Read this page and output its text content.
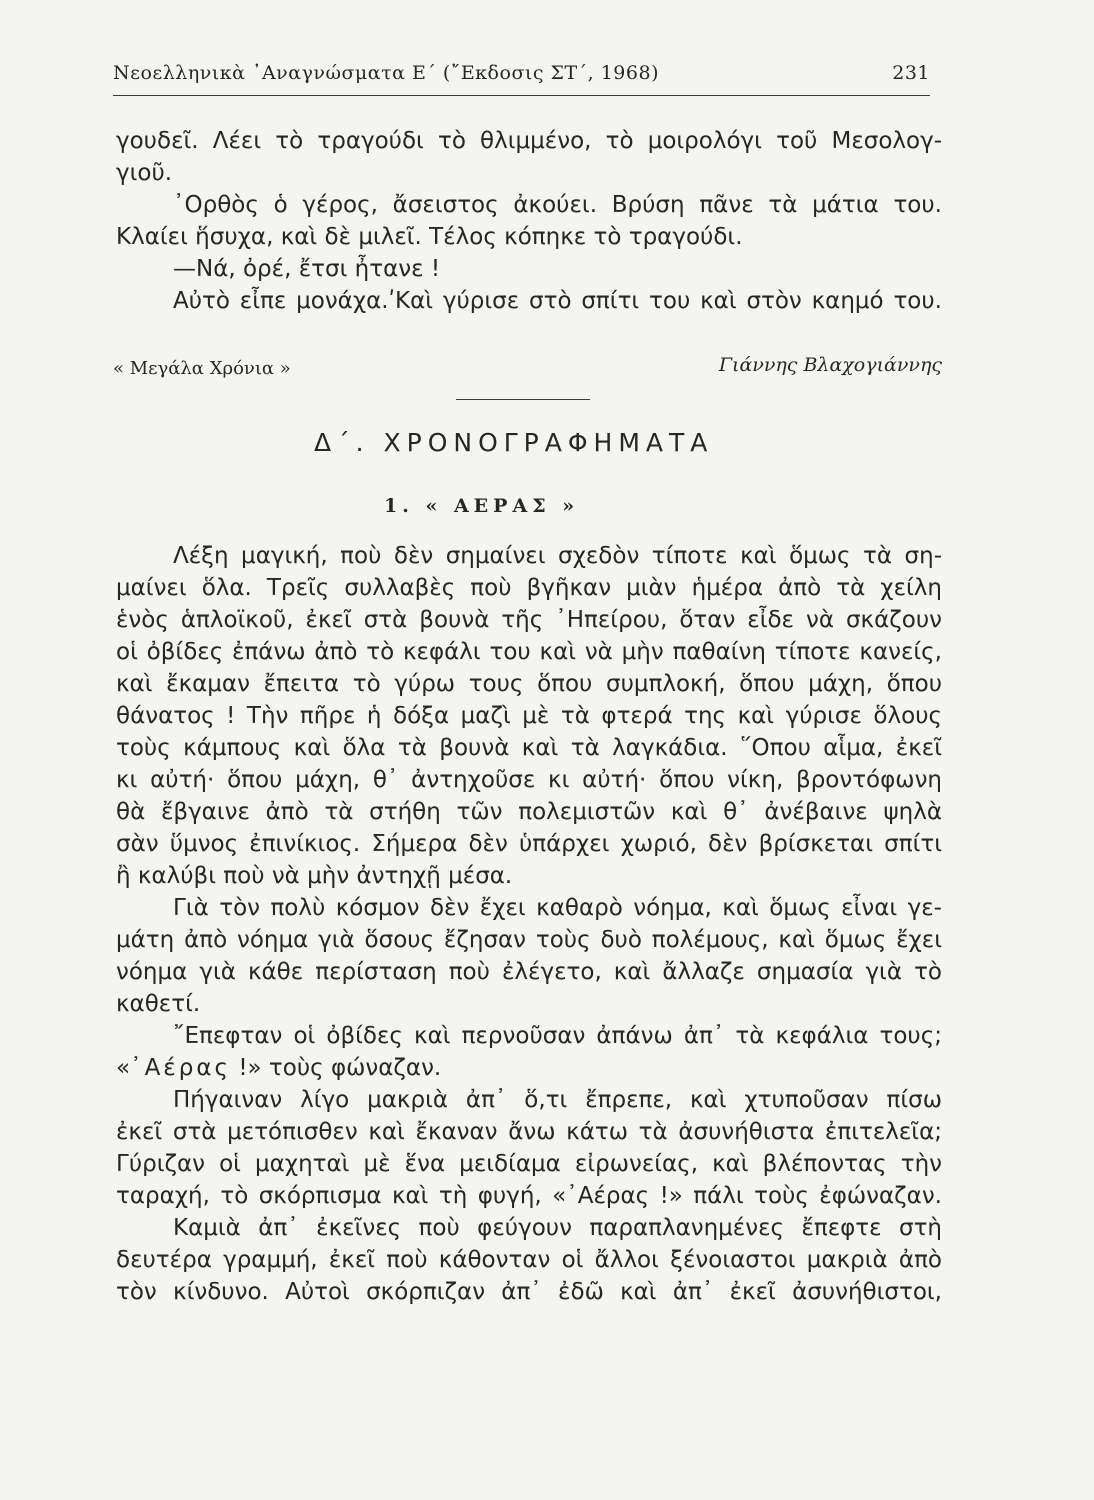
Νεοελληνικὰ ᾿Αναγνώσματα Ε΄ (῎Εκδοσις ΣΤ΄, 1968)	231
γουδεῖ. Λέει τὸ τραγούδι τὸ θλιμμένο, τὸ μοιρολόγι τοῦ Μεσολογ-
γιοῦ.
᾿Ορθὸς ὁ γέρος, ἄσειστος ἀκούει. Βρύση πᾶνε τὰ μάτια του.
Κλαίει ἥσυχα, καὶ δὲ μιλεῖ. Τέλος κόπηκε τὸ τραγούδι.
—Νά, ὀρέ, ἔτσι ἦτανε !
Αὐτὸ εἶπε μονάχα.ʹΚαὶ γύρισε στὸ σπίτι του καὶ στὸν καημό του.
« Μεγάλα Χρόνια »	Γιάννης Βλαχογιάννης
Δ΄. ΧΡΟΝΟΓΡΑΦΗΜΑΤΑ
1. « ΑΕΡΑΣ »
Λέξη μαγική, ποὺ δὲν σημαίνει σχεδὸν τίποτε καὶ ὅμως τὰ ση-
μαίνει ὅλα. Τρεῖς συλλαβὲς ποὺ βγῆκαν μιὰν ἡμέρα ἀπὸ τὰ χείλη
ἑνὸς ἁπλοϊκοῦ, ἐκεῖ στὰ βουνὰ τῆς ᾿Ηπείρου, ὅταν εἶδε νὰ σκάζουν
οἱ ὀβίδες ἐπάνω ἀπὸ τὸ κεφάλι του καὶ νὰ μὴν παθαίνη τίποτε κανείς,
καὶ ἔκαμαν ἔπειτα τὸ γύρω τους ὅπου συμπλοκή, ὅπου μάχη, ὅπου
θάνατος ! Τὴν πῆρε ἡ δόξα μαζὶ μὲ τὰ φτερά της καὶ γύρισε ὅλους
τοὺς κάμπους καὶ ὅλα τὰ βουνὰ καὶ τὰ λαγκάδια. ῞Οπου αἷμα, ἐκεῖ
κι αὐτή· ὅπου μάχη, θ᾿ ἀντηχοῦσε κι αὐτή· ὅπου νίκη, βροντόφωνη
θὰ ἔβγαινε ἀπὸ τὰ στήθη τῶν πολεμιστῶν καὶ θ᾿ ἀνέβαινε ψηλὰ
σὰν ὕμνος ἐπινίκιος. Σήμερα δὲν ὑπάρχει χωριό, δὲν βρίσκεται σπίτι
ἢ καλύβι ποὺ νὰ μὴν ἀντηχῇ μέσα.
Γιὰ τὸν πολὺ κόσμον δὲν ἔχει καθαρὸ νόημα, καὶ ὅμως εἶναι γε-
μάτη ἀπὸ νόημα γιὰ ὅσους ἔζησαν τοὺς δυὸ πολέμους, καὶ ὅμως ἔχει
νόημα γιὰ κάθε περίσταση ποὺ ἐλέγετο, καὶ ἄλλαζε σημασία γιὰ τὸ
καθετί.
῎Επεφταν οἱ ὀβίδες καὶ περνοῦσαν ἀπάνω ἀπ᾿ τὰ κεφάλια τους;
«᾿Αέρας !» τοὺς φώναζαν.
Πήγαιναν λίγο μακριὰ ἀπ᾿ ὅ,τι ἔπρεπε, καὶ χτυποῦσαν πίσω
ἐκεῖ στὰ μετόπισθεν καὶ ἔκαναν ἄνω κάτω τὰ ἀσυνήθιστα ἐπιτελεῖα;
Γύριζαν οἱ μαχηταὶ μὲ ἕνα μειδίαμα εἰρωνείας, καὶ βλέποντας τὴν
ταραχή, τὸ σκόρπισμα καὶ τὴ φυγή, «᾿Αέρας !» πάλι τοὺς ἐφώναζαν.
Καμιὰ ἀπ᾿ ἐκεῖνες ποὺ φεύγουν παραπλανημένες ἔπεφτε στὴ
δευτέρα γραμμή, ἐκεῖ ποὺ κάθονταν οἱ ἄλλοι ξένοιαστοι μακριὰ ἀπὸ
τὸν κίνδυνο. Αὐτοὶ σκόρπιζαν ἀπ᾿ ἐδῶ καὶ ἀπ᾿ ἐκεῖ ἀσυνήθιστοι,
